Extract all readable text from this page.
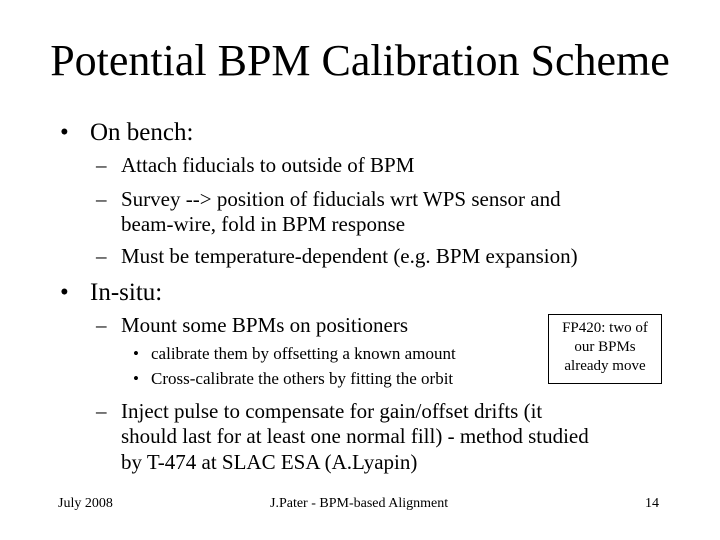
Potential BPM Calibration Scheme
• On bench:
– Attach fiducials to outside of BPM
– Survey --> position of fiducials wrt WPS sensor and
beam-wire, fold in BPM response
– Must be temperature-dependent (e.g. BPM expansion)
• In-situ:
– Mount some BPMs on positioners
• calibrate them by offsetting a known amount
• Cross-calibrate the others by fitting the orbit
– Inject pulse to compensate for gain/offset drifts (it
should last for at least one normal fill) - method studied
by T-474 at SLAC ESA (A.Lyapin)
FP420: two of
our BPMs
already move
July 2008	J.Pater - BPM-based Alignment	14
